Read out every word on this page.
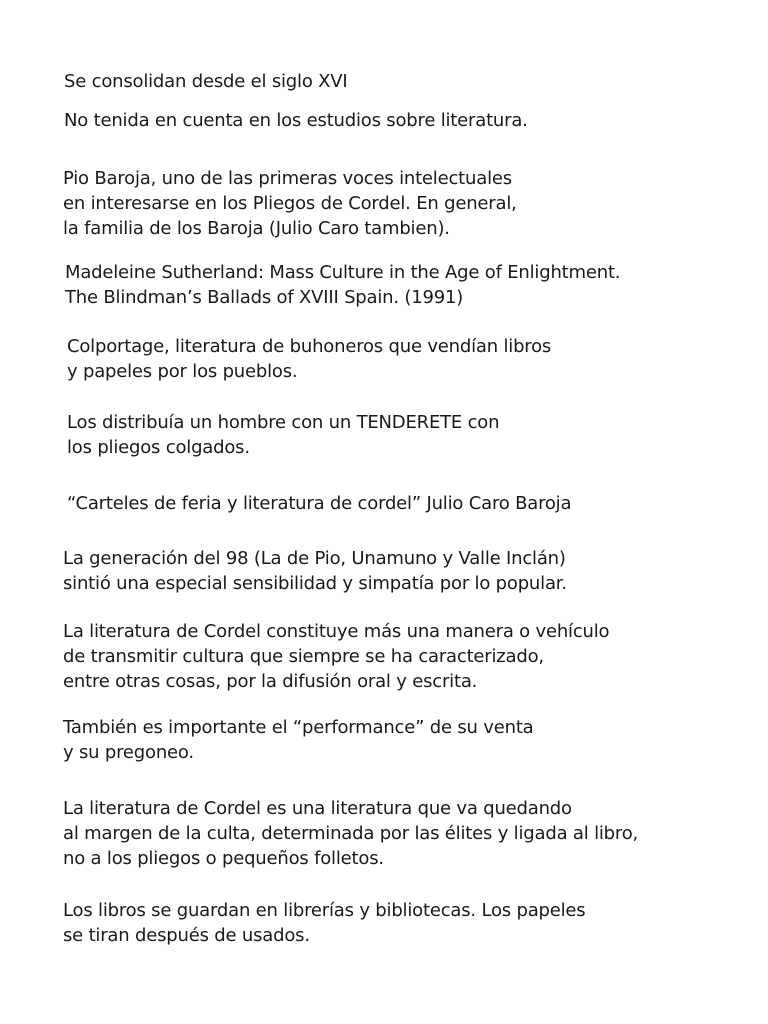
Se consolidan desde el siglo XVI

No tenida en cuenta en los estudios sobre literatura.

Pio Baroja, uno de las primeras voces intelectuales
en interesarse en los Pliegos de Cordel. En general,
la familia de los Baroja (Julio Caro tambien).

Madeleine Sutherland: Mass Culture in the Age of Enlightment.
The Blindman’s Ballads of XVIII Spain. (1991)

Colportage, literatura de buhoneros que vendían libros
y papeles por los pueblos.

Los distribuía un hombre con un TENDERETE con
los pliegos colgados.

“Carteles de feria y literatura de cordel” Julio Caro Baroja

La generación del 98 (La de Pio, Unamuno y Valle Inclán)
sintió una especial sensibilidad y simpatía por lo popular.

La literatura de Cordel constituye más una manera o vehículo
de transmitir cultura que siempre se ha caracterizado,
entre otras cosas, por la difusión oral y escrita.

También es importante el “performance” de su venta
y su pregoneo.

La literatura de Cordel es una literatura que va quedando
al margen de la culta, determinada por las élites y ligada al libro,
no a los pliegos o pequeños folletos.

Los libros se guardan en librerías y bibliotecas. Los papeles
se tiran después de usados.
